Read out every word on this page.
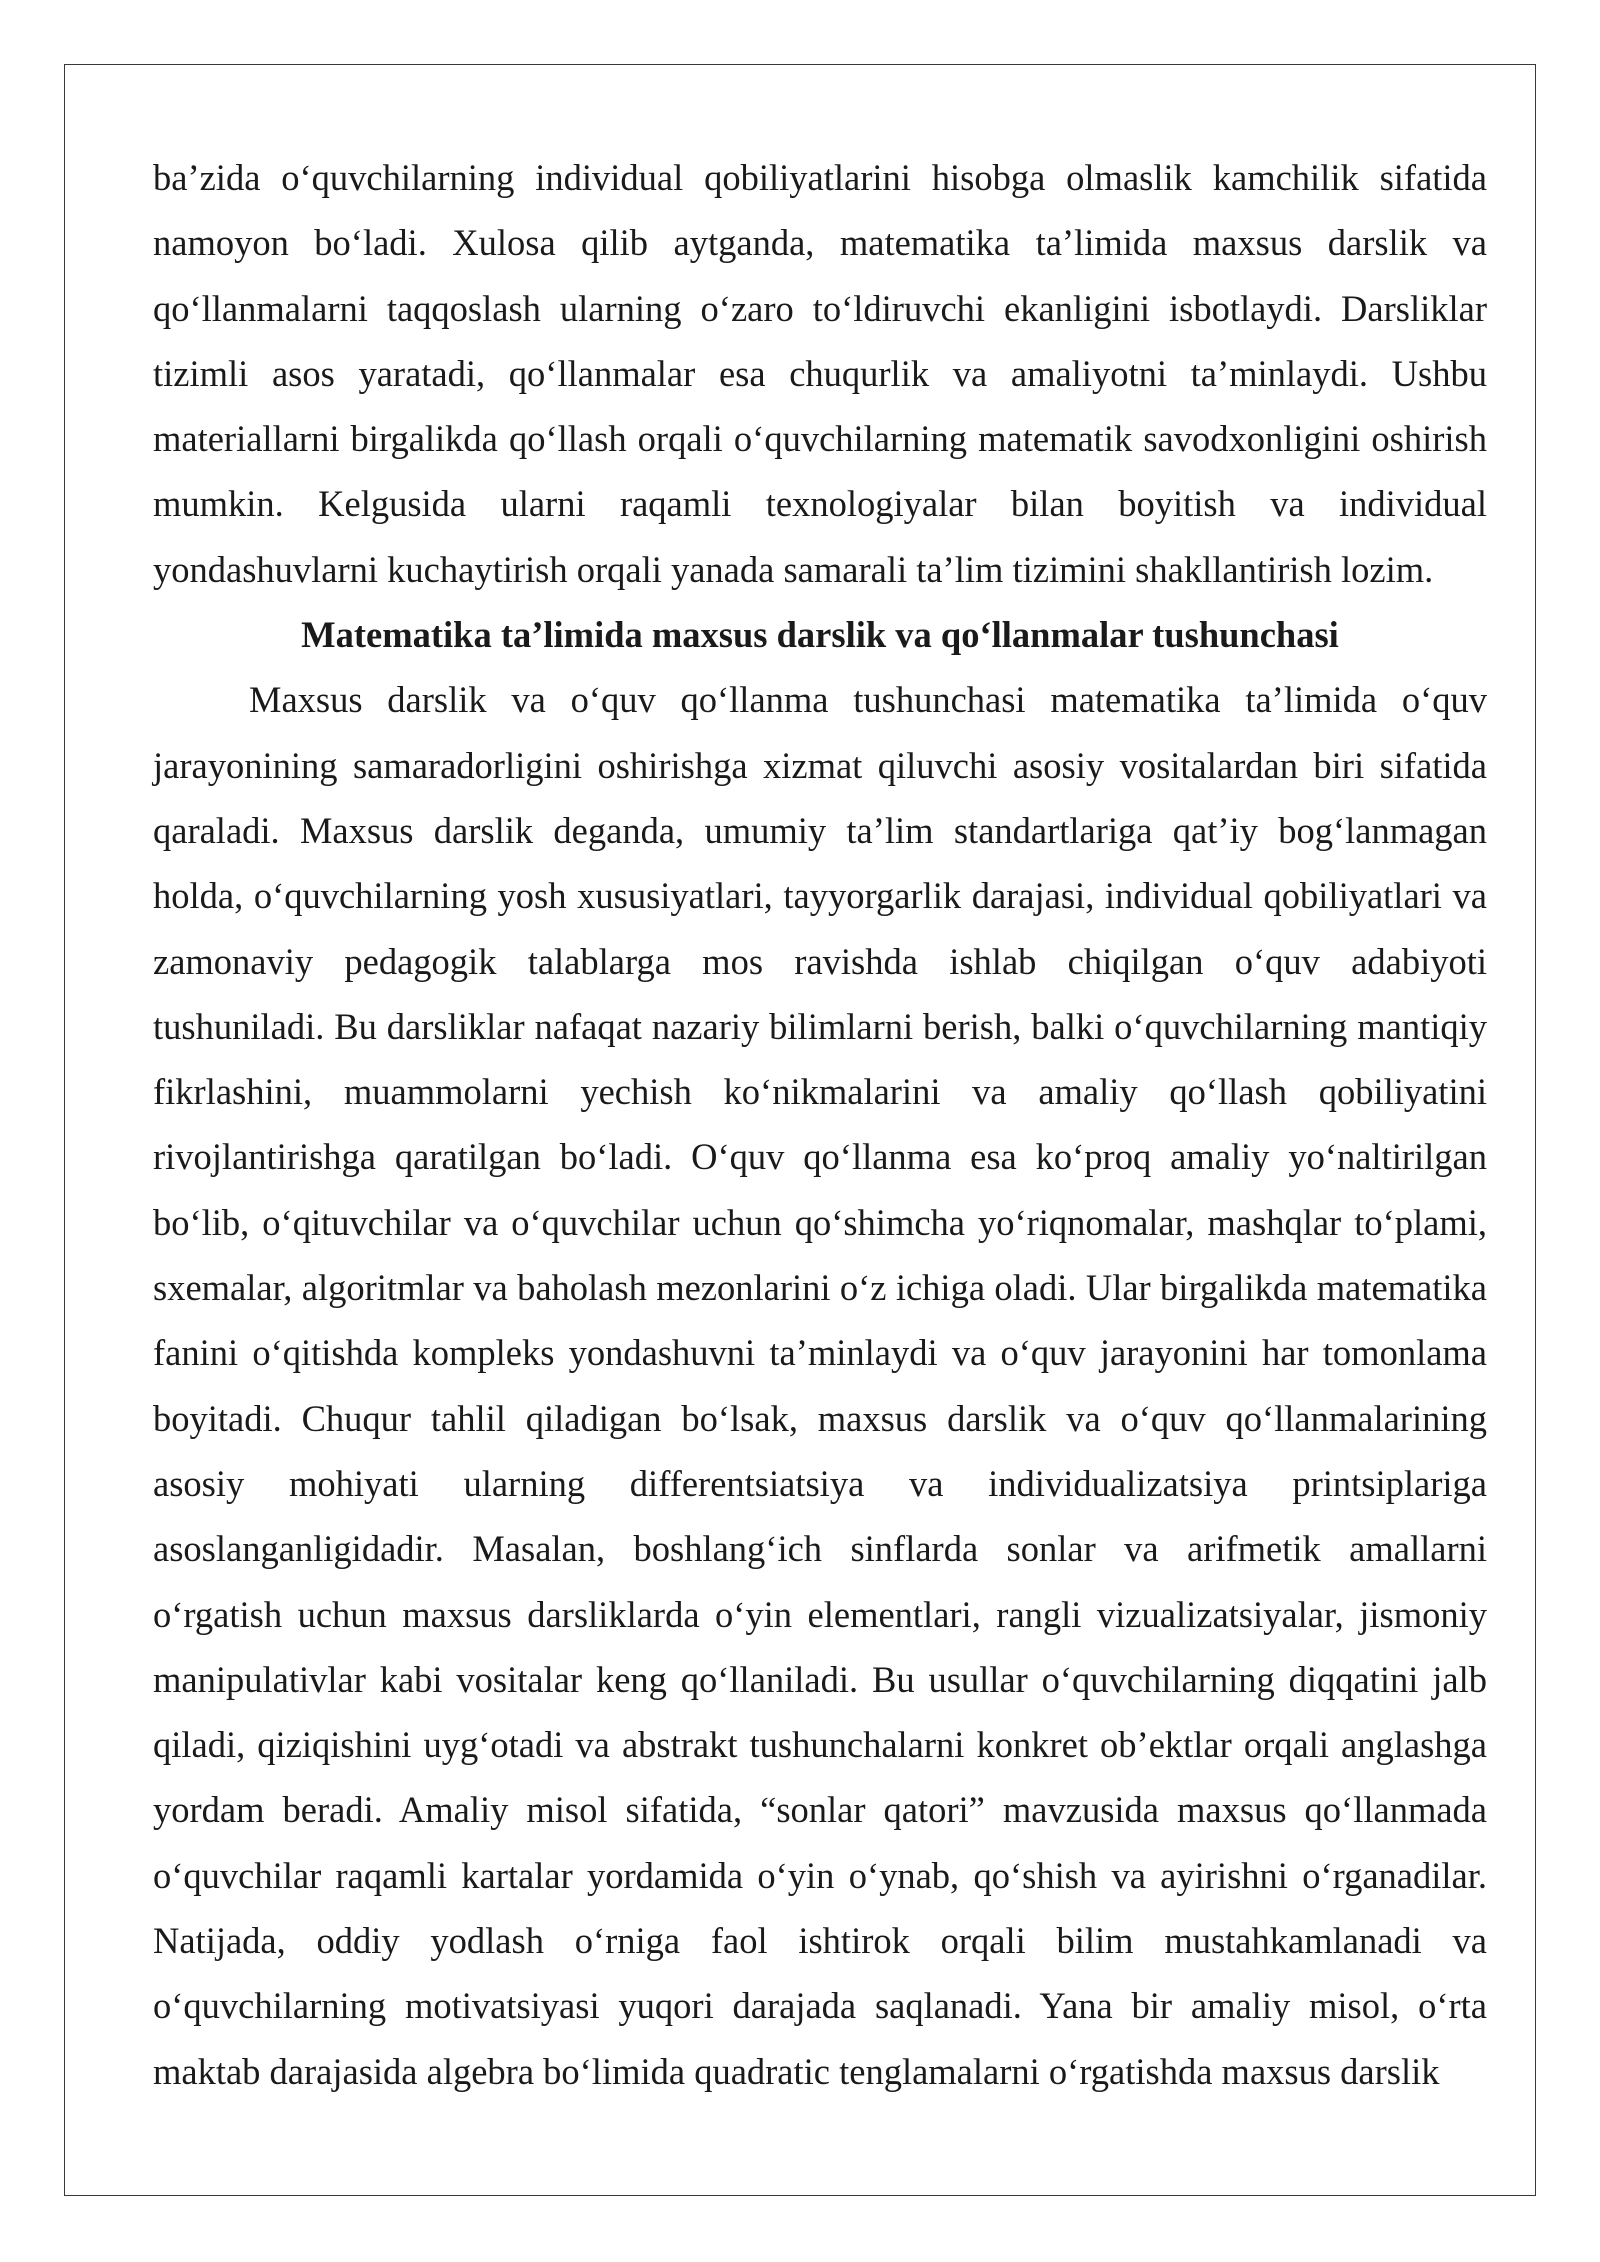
ba’zida o‘quvchilarning individual qobiliyatlarini hisobga olmaslik kamchilik sifatida namoyon bo‘ladi. Xulosa qilib aytganda, matematika ta’limida maxsus darslik va qo‘llanmalarni taqqoslash ularning o‘zaro to‘ldiruvchi ekanligini isbotlaydi. Darsliklar tizimli asos yaratadi, qo‘llanmalar esa chuqurlik va amaliyotni ta’minlaydi. Ushbu materiallarni birgalikda qo‘llash orqali o‘quvchilarning matematik savodxonligini oshirish mumkin. Kelgusida ularni raqamli texnologiyalar bilan boyitish va individual yondashuvlarni kuchaytirish orqali yanada samarali ta’lim tizimini shakllantirish lozim.

Matematika ta’limida maxsus darslik va qo‘llanmalar tushunchasi

Maxsus darslik va o‘quv qo‘llanma tushunchasi matematika ta’limida o‘quv jarayonining samaradorligini oshirishga xizmat qiluvchi asosiy vositalardan biri sifatida qaraladi. Maxsus darslik deganda, umumiy ta’lim standartlariga qat’iy bog‘lanmagan holda, o‘quvchilarning yosh xususiyatlari, tayyorgarlik darajasi, individual qobiliyatlari va zamonaviy pedagogik talablarga mos ravishda ishlab chiqilgan o‘quv adabiyoti tushuniladi. Bu darsliklar nafaqat nazariy bilimlarni berish, balki o‘quvchilarning mantiqiy fikrlashini, muammolarni yechish ko‘nikmalarini va amaliy qo‘llash qobiliyatini rivojlantirishga qaratilgan bo‘ladi. O‘quv qo‘llanma esa ko‘proq amaliy yo‘naltirilgan bo‘lib, o‘qituvchilar va o‘quvchilar uchun qo‘shimcha yo‘riqnomalar, mashqlar to‘plami, sxemalar, algoritmlar va baholash mezonlarini o‘z ichiga oladi. Ular birgalikda matematika fanini o‘qitishda kompleks yondashuvni ta’minlaydi va o‘quv jarayonini har tomonlama boyitadi. Chuqur tahlil qiladigan bo‘lsak, maxsus darslik va o‘quv qo‘llanmalarining asosiy mohiyati ularning differentsiatsiya va individualizatsiya printsiplariga asoslanganligidadir. Masalan, boshlang‘ich sinflarda sonlar va arifmetik amallarni o‘rgatish uchun maxsus darsliklarda o‘yin elementlari, rangli vizualizatsiyalar, jismoniy manipulativlar kabi vositalar keng qo‘llaniladi. Bu usullar o‘quvchilarning diqqatini jalb qiladi, qiziqishini uyg‘otadi va abstrakt tushunchalarni konkret ob’ektlar orqali anglashga yordam beradi. Amaliy misol sifatida, “sonlar qatori” mavzusida maxsus qo‘llanmada o‘quvchilar raqamli kartalar yordamida o‘yin o‘ynab, qo‘shish va ayirishni o‘rganadilar. Natijada, oddiy yodlash o‘rniga faol ishtirok orqali bilim mustahkamlanadi va o‘quvchilarning motivatsiyasi yuqori darajada saqlanadi. Yana bir amaliy misol, o‘rta maktab darajasida algebra bo‘limida quadratic tenglamalarni o‘rgatishda maxsus darslik
